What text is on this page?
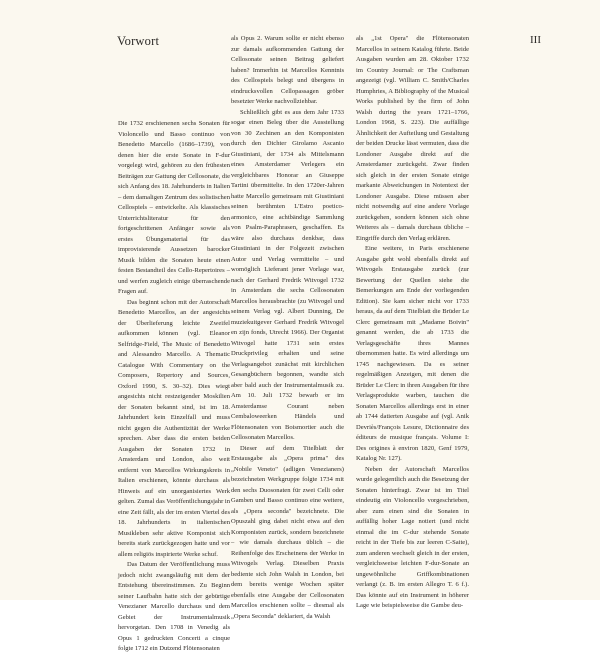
Vorwort	III

Die 1732 erschienenen sechs Sonaten für Violoncello und Basso continuo von Benedetto Marcello (1686–1739), von denen hier die erste Sonate in F-dur vorgelegt wird, gehören zu den frühesten Beiträgen zur Gattung der Cellosonate, die sich Anfang des 18. Jahrhunderts in Italien – dem damaligen Zentrum des solistischen Cellospiels – entwickelte. Als klassisches Unterrichtsliteratur für den fortgeschrittenen Anfänger sowie als erstes Übungsmaterial für das improvisierende Aussetzen barocker Musik bilden die Sonaten heute einen festen Bestandteil des Cello-Repertoires – und werfen zugleich einige überraschende Fragen auf.

Das beginnt schon mit der Autorschaft Benedetto Marcellos, an der angesichts der Überlieferung leichte Zweifel aufkommen können (vgl. Eleanor Selfridge-Field, The Music of Benedetto and Alessandro Marcello. A Thematic Catalogue With Commentary on the Composers, Repertory and Sources, Oxford 1990, S. 30–32). Dies wiegt angesichts nicht restzeigender Moskilien der Sonaten bekannt sind, ist im 18. Jahrhundert kein Einzelfall und muss nicht gegen die Authentizität der Werke sprechen. Aber dass die ersten beiden Ausgaben der Sonaten 1732 in Amsterdam und London, also weit entfernt von Marcellos Wirkungskreis in Italien erschienen, könnte durchaus als Hinweis auf ein unorganisiertes Werk gelten. Zumal das Veröffentlichungsjahr in eine Zeit fällt, als der im ersten Viertel des 18. Jahrhunderts in italienischen Musikleben sehr aktive Komponist sich bereits stark zurückgezogen hatte und vor allem religiös inspirierte Werke schuf.

Das Datum der Veröffentlichung muss jedoch nicht zwangsläufig mit dem der Entstehung übereinstimmen. Zu Beginn seiner Laufbahn hatte sich der gebürtige Venezianer Marcello durchaus und dem Gebiet der Instrumentalmusik hervorgetan. Den 1708 in Venedig als Opus 1 gedruckten Concerti a cinque folgte 1712 ein Dutzend Flötensonaten

als Opus 2. Warum sollte er nicht ebenso zur damals aufkommenden Gattung der Cellosonate seinen Beitrag geliefert haben? Immerhin ist Marcellos Kenntnis des Cellospiels belegt und übergens in eindrucksvollen Cellopassagen gröber besetzter Werke nachvollziehbar.

Schließlich gibt es aus dem Jahr 1733 sogar einen Beleg über die Ausstellung von 30 Zechinen an den Komponisten durch den Dichter Girolamo Ascanio Giustiniani, der 1734 als Mittelsmann eines Amsterdamer Verlegers ein vergleichbares Honorar an Giuseppe Tartini übermittelte. In den 1720er-Jahren hatte Marcello gemeinsam mit Giustiniani seinen berühmten L'Estro poetico-armonico, eine achtbändige Sammlung von Psalm-Paraphrasen, geschaffen. Es wäre also durchaus denkbar, dass Giustiniani in der Folgezeit zwischen Autor und Verlag vermittelte – und womöglich Lieferant jener Vorlage war, nach der Gerhard Fredrik Witvogel 1732 in Amsterdam die sechs Cellosonaten Marcellos herausbrachte (zu Witvogel und seinem Verlag vgl. Albert Dunning, De muziekuitgever Gerhard Fredrik Witvogel en zijn fonds, Utrecht 1966). Der Organist Witvogel hatte 1731 sein erstes Druckprivileg erhalten und seine Verlagsangebot zunächst mit kirchlichen Gesangbüchern begonnen, wandte sich aber bald auch der Instrumentalmusik zu. Am 10. Juli 1732 bewarb er im Amsterdamse Courant neben Cembaloweerken Händels und Flötensonaten von Boismortier auch die Cellosonaten Marcellos.

Dieser auf dem Titelblatt der Erstausgabe als „Opera prima" des „Nobile Veneto" (adligen Venezianers) bezeichneten Werkgruppe folgte 1734 mit den sechs Duosonaten für zwei Celli oder Gamben und Basso continuo eine weitere, als „Opera seconda" bezeichnete. Die Opuszahl ging dabei nicht etwa auf den Komponisten zurück, sondern bezeichnete – wie damals durchaus üblich – die Reihenfolge des Erscheinens der Werke in Witvogels Verlag. Dieselben Praxis bediente sich John Walsh in London, bei dem bereits wenige Wochen später ebenfalls eine Ausgabe der Cellosonaten Marcellos erschienen sollte – diesmal als „Opera Seconda" deklariert, da Walsh

als „1st Opera" die Flötensonaten Marcellos in seinem Katalog führte. Beide Ausgaben wurden am 28. Oktober 1732 im Country Journal: or The Craftsman angezeigt (vgl. William C. Smith/Charles Humphries, A Bibliography of the Musical Works published by the firm of John Walsh during the years 1721–1766, London 1968, S. 223). Die auffällige Ähnlichkeit der Aufteilung und Gestaltung der beiden Drucke lässt vermuten, dass die Londoner Ausgabe direkt auf die Amsterdamer zurückgeht. Zwar finden sich gleich in der ersten Sonate einige markante Abweichungen in Notentext der Londoner Ausgabe. Diese müssen aber nicht notwendig auf eine andere Vorlage zurückgehen, sondern können sich ohne Weiteres als – damals durchaus übliche – Eingriffe durch den Verlag erklären.

Eine weitere, in Paris erschienene Ausgabe geht wohl ebenfalls direkt auf Witvogels Erstausgabe zurück (zur Bewertung der Quellen siehe die Bemerkungen am Ende der vorliegenden Edition). Sie kam sicher nicht vor 1733 heraus, da auf dem Titelblatt die Brüder Le Clerc gemeinsam mit „Madame Boivin" genannt werden, die ab 1733 die Verlagsgeschäfte ihres Mannes übernommen hatte. Es wird allerdings um 1745 nachgewiesen. Da es seiner regelmäßigen Anzeigen, mit denen die Brüder Le Clerc in ihren Ausgaben für ihre Verlagsprodukte warben, tauchen die Sonaten Marcellos allerdings erst in einer ab 1744 datierten Ausgabe auf (vgl. Anik Devriès/François Lesure, Dictionnaire des éditeurs de musique français. Volume I: Des origines à environ 1820, Genf 1979, Katalog Nr. 127).

Neben der Autorschaft Marcellos wurde gelegentlich auch die Besetzung der Sonaten hinterfragt. Zwar ist im Titel eindeutig ein Violoncello vorgeschrieben, aber zum einen sind die Sonaten in auffällig hoher Lage notiert (und nicht einmal die im C-dur stehende Sonate reicht in der Tiefe bis zur leeren C-Saite), zum anderen wechselt gleich in der ersten, vergleichsweise leichten F-dur-Sonate an ungewöhnliche Griffkombinationen verlangt (z. B. im ersten Allegro T. 6 f.). Das könnte auf ein Instrument in höherer Lage wie beispielsweise die Gambe deu-
